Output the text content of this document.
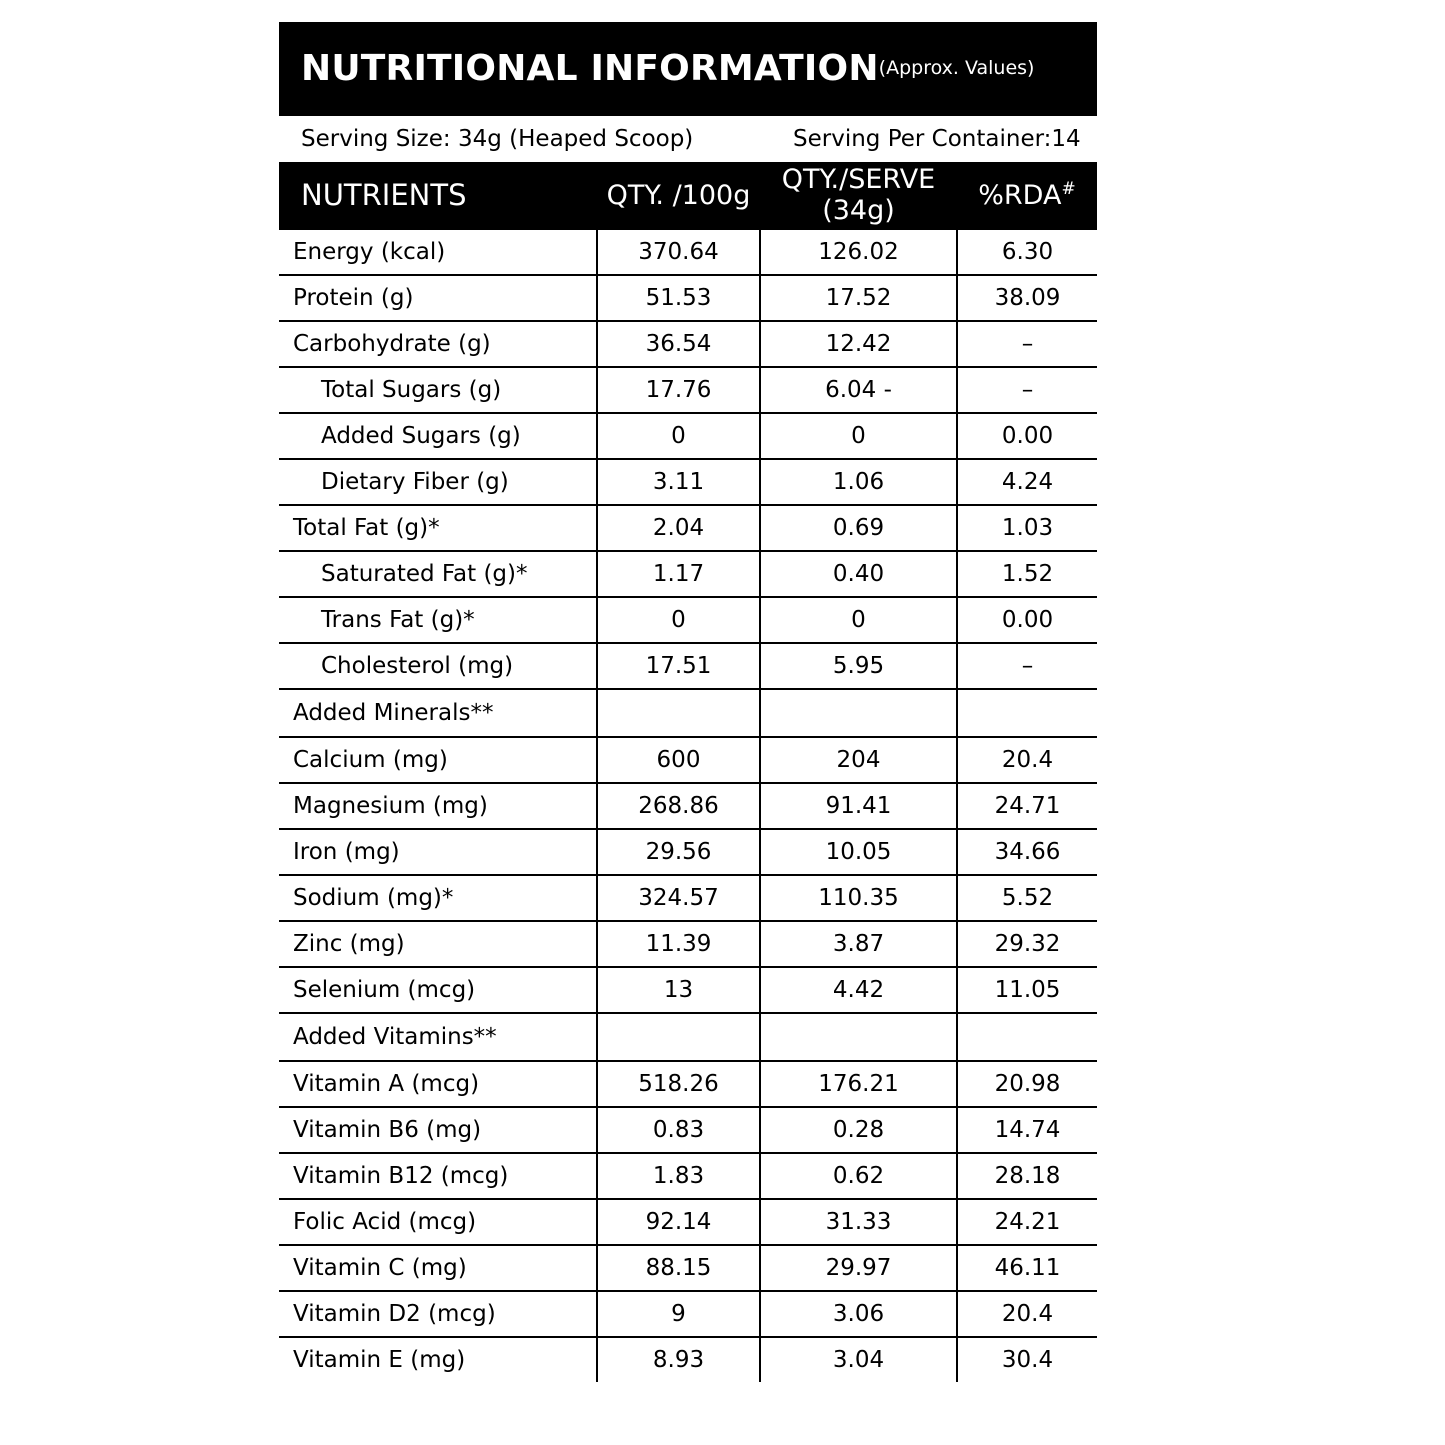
NUTRITIONAL INFORMATION (Approx. Values)
Serving Size: 34g (Heaped Scoop)	Serving Per Container:14
NUTRIENTS	QTY. /100g	QTY./SERVE (34g)	%RDA#
Energy (kcal)	370.64	126.02	6.30
Protein (g)	51.53	17.52	38.09
Carbohydrate (g)	36.54	12.42	–
Total Sugars (g)	17.76	6.04 -	–
Added Sugars (g)	0	0	0.00
Dietary Fiber (g)	3.11	1.06	4.24
Total Fat (g)*	2.04	0.69	1.03
Saturated Fat (g)*	1.17	0.40	1.52
Trans Fat (g)*	0	0	0.00
Cholesterol (mg)	17.51	5.95	–
Added Minerals**			
Calcium (mg)	600	204	20.4
Magnesium (mg)	268.86	91.41	24.71
Iron (mg)	29.56	10.05	34.66
Sodium (mg)*	324.57	110.35	5.52
Zinc (mg)	11.39	3.87	29.32
Selenium (mcg)	13	4.42	11.05
Added Vitamins**			
Vitamin A (mcg)	518.26	176.21	20.98
Vitamin B6 (mg)	0.83	0.28	14.74
Vitamin B12 (mcg)	1.83	0.62	28.18
Folic Acid (mcg)	92.14	31.33	24.21
Vitamin C (mg)	88.15	29.97	46.11
Vitamin D2 (mcg)	9	3.06	20.4
Vitamin E (mg)	8.93	3.04	30.4
